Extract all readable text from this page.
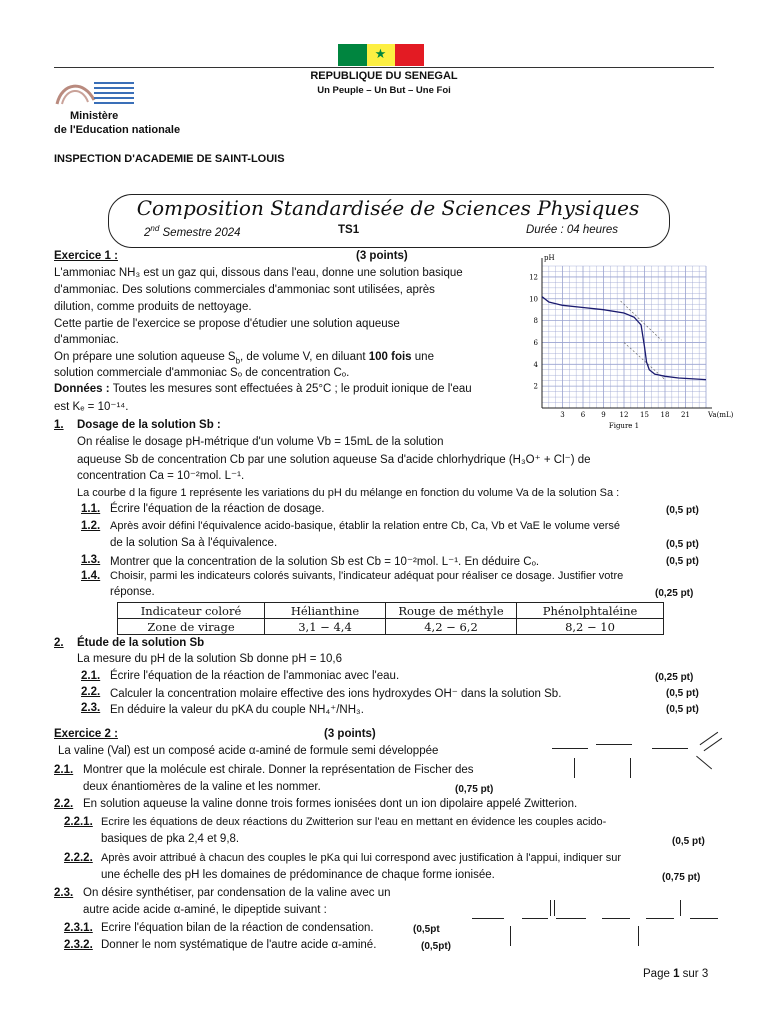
★
REPUBLIQUE DU SENEGAL
Un Peuple – Un But – Une Foi
Ministère
de l'Education nationale
INSPECTION D'ACADEMIE DE SAINT-LOUIS
Composition Standardisée de Sciences Physiques
2nd Semestre 2024	TS1	Durée : 04 heures
3 6 9 12 15 18 21
2
4
6
8
10
12
pH
Va(mL)
Figure 1
Exercice 1 :	(3 points)
L'ammoniac NH₃ est un gaz qui, dissous dans l'eau, donne une solution basique
d'ammoniac. Des solutions commerciales d'ammoniac sont utilisées, après
dilution, comme produits de nettoyage.
Cette partie de l'exercice se propose d'étudier une solution aqueuse
d'ammoniac.
On prépare une solution aqueuse $S_b$, de volume V, en diluant 100 fois une
solution commerciale d'ammoniac Sₒ de concentration Cₒ.
Données : Toutes les mesures sont effectuées à 25°C ; le produit ionique de l'eau
est Kₑ = 10⁻¹⁴.
1. Dosage de la solution Sb :
On réalise le dosage pH-métrique d'un volume Vb = 15mL de la solution
aqueuse Sb de concentration Cb par une solution aqueuse Sa d'acide chlorhydrique (H₃O⁺ + Cl⁻) de
concentration Ca = 10⁻²mol. L⁻¹.
La courbe d la figure 1 représente les variations du pH du mélange en fonction du volume Va de la solution Sa :
1.1. Écrire l'équation de la réaction de dosage.	(0,5 pt)
1.2. Après avoir défini l'équivalence acido-basique, établir la relation entre Cb, Ca, Vb et VaE le volume versé
de la solution Sa à l'équivalence.	(0,5 pt)
1.3. Montrer que la concentration de la solution Sb est Cb = 10⁻²mol. L⁻¹. En déduire Cₒ.	(0,5 pt)
1.4. Choisir, parmi les indicateurs colorés suivants, l'indicateur adéquat pour réaliser ce dosage. Justifier votre
réponse.	(0,25 pt)
Indicateur coloré	Hélianthine	Rouge de méthyle	Phénolphtaléine
Zone de virage	3,1 − 4,4	4,2 − 6,2	8,2 − 10
2. Étude de la solution Sb
La mesure du pH de la solution Sb donne pH = 10,6
2.1. Écrire l'équation de la réaction de l'ammoniac avec l'eau.	(0,25 pt)
2.2. Calculer la concentration molaire effective des ions hydroxydes OH⁻ dans la solution Sb.	(0,5 pt)
2.3. En déduire la valeur du pKA du couple NH₄⁺/NH₃.	(0,5 pt)
Exercice 2 :	(3 points)
La valine (Val) est un composé acide α-aminé de formule semi développée
2.1. Montrer que la molécule est chirale. Donner la représentation de Fischer des
deux énantiomères de la valine et les nommer.	(0,75 pt)
2.2. En solution aqueuse la valine donne trois formes ionisées dont un ion dipolaire appelé Zwitterion.
2.2.1. Ecrire les équations de deux réactions du Zwitterion sur l'eau en mettant en évidence les couples acido-
basiques de pka 2,4 et 9,8.	(0,5 pt)
2.2.2. Après avoir attribué à chacun des couples le pKa qui lui correspond avec justification à l'appui, indiquer sur
une échelle des pH les domaines de prédominance de chaque forme ionisée.	(0,75 pt)
2.3. On désire synthétiser, par condensation de la valine avec un
autre acide acide α-aminé, le dipeptide suivant :
2.3.1. Ecrire l'équation bilan de la réaction de condensation.	(0,5pt
2.3.2. Donner le nom systématique de l'autre acide α-aminé.	(0,5pt)
Page 1 sur 3
